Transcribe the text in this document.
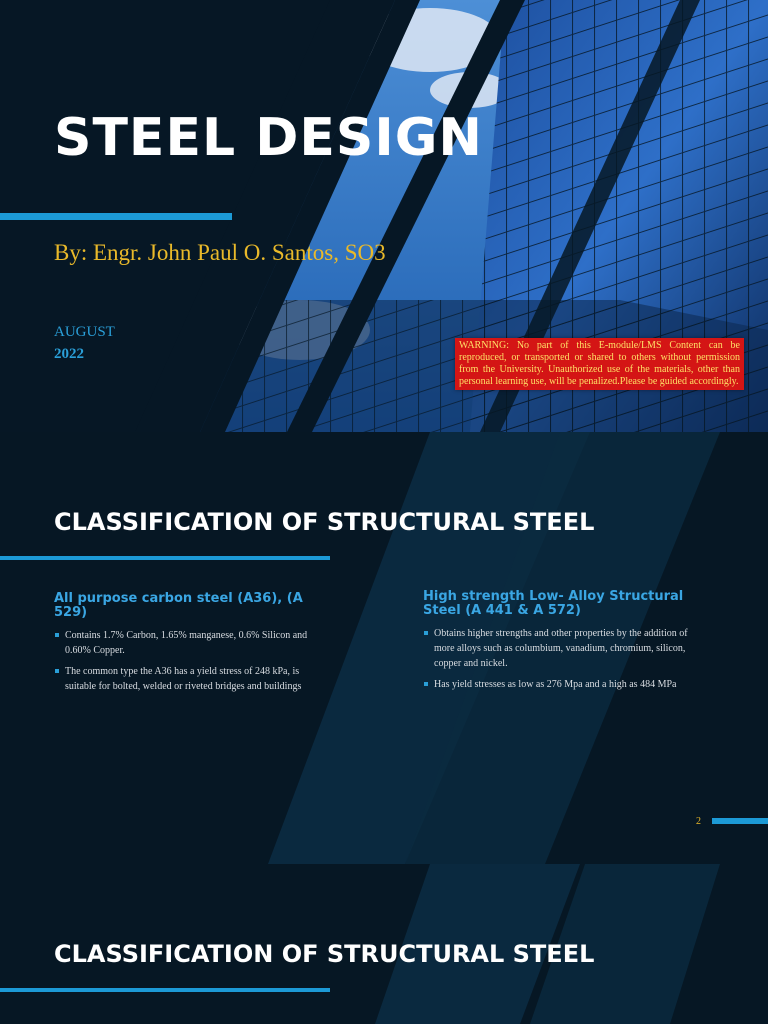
STEEL DESIGN
By: Engr. John Paul O. Santos, SO3
AUGUST
2022
WARNING: No part of this E-module/LMS Content can be reproduced, or transported or shared to others without permission from the University. Unauthorized use of the materials, other than personal learning use, will be penalized.Please be guided accordingly.
CLASSIFICATION OF STRUCTURAL STEEL
All purpose carbon steel (A36), (A 529)
Contains 1.7% Carbon, 1.65% manganese, 0.6% Silicon and 0.60% Copper.
The common type the A36 has a yield stress of 248 kPa, is suitable for bolted, welded or riveted bridges and buildings
High strength Low- Alloy Structural Steel (A 441 & A 572)
Obtains higher strengths and other properties by the addition of more alloys such as columbium, vanadium, chromium, silicon, copper and nickel.
Has yield stresses as low as 276 Mpa and a high as 484 MPa
2
CLASSIFICATION OF STRUCTURAL STEEL
